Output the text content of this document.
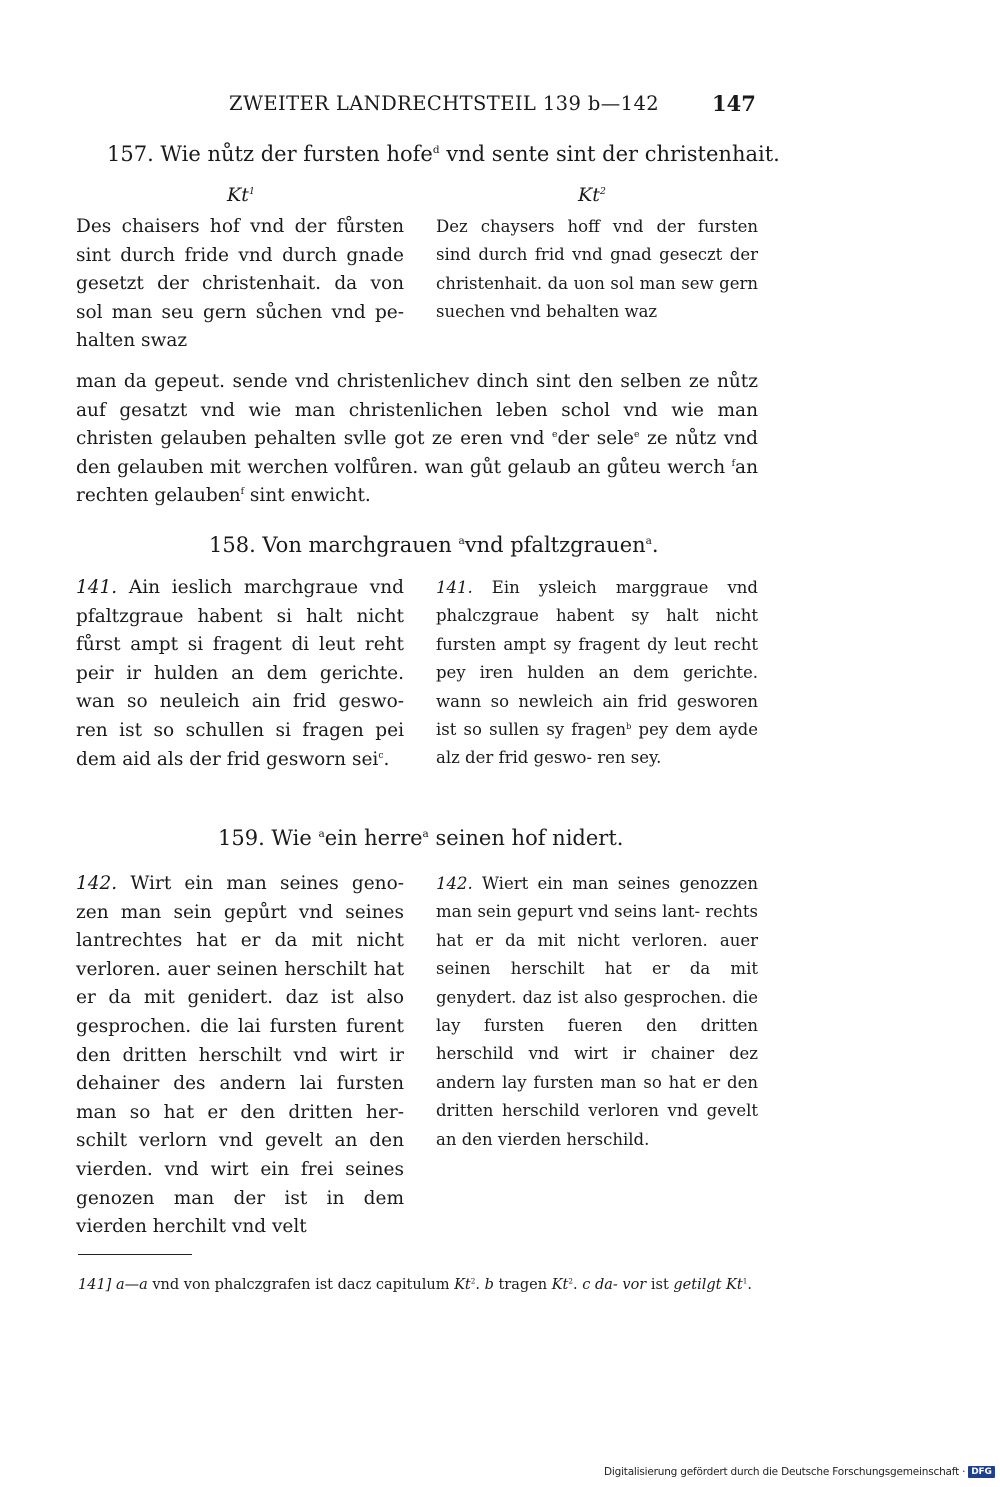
ZWEITER LANDRECHTSTEIL 139 b—142	147
157. Wie nůtz der fursten hofe$^d$ vnd sente sint der christenhait.
Kt$^1$	Kt$^2$

Des chaisers hof vnd der fůrsten sint durch fride vnd durch gnade gesetzt der christenhait. da von sol man seu gern sůchen vnd pe- halten swaz

Dez chaysers hoff vnd der fursten sind durch frid vnd gnad geseczt der christenhait. da uon sol man sew gern suechen vnd behalten waz

man da gepeut. sende vnd christenlichev dinch sint den selben ze nůtz auf gesatzt vnd wie man christenlichen leben schol vnd wie man christen gelauben pehalten svlle got ze eren vnd $^e$der sele$^e$ ze nůtz vnd den gelauben mit werchen volfůren. wan gůt gelaub an gůteu werch $^f$an rechten gelauben$^f$ sint enwicht.

158. Von marchgrauen $^a$vnd pfaltzgrauen$^a$.

141. Ain ieslich marchgraue vnd pfaltzgraue habent si halt nicht fůrst ampt si fragent di leut reht peir ir hulden an dem gerichte. wan so neuleich ain frid geswo- ren ist so schullen si fragen pei dem aid als der frid gesworn sei$^c$.

141. Ein ysleich marggraue vnd phalczgraue habent sy halt nicht fursten ampt sy fragent dy leut recht pey iren hulden an dem gerichte. wann so newleich ain frid gesworen ist so sullen sy fragen$^b$ pey dem ayde alz der frid geswo- ren sey.

159. Wie $^a$ein herre$^a$ seinen hof nidert.

142. Wirt ein man seines geno- zen man sein gepůrt vnd seines lantrechtes hat er da mit nicht verloren. auer seinen herschilt hat er da mit genidert. daz ist also gesprochen. die lai fursten furent den dritten herschilt vnd wirt ir dehainer des andern lai fursten man so hat er den dritten her- schilt verlorn vnd gevelt an den vierden. vnd wirt ein frei seines genozen man der ist in dem vierden herchilt vnd velt

142. Wiert ein man seines genozzen man sein gepurt vnd seins lant- rechts hat er da mit nicht verloren. auer seinen herschilt hat er da mit genydert. daz ist also gesprochen. die lay fursten fueren den dritten herschild vnd wirt ir chainer dez andern lay fursten man so hat er den dritten herschild verloren vnd gevelt an den vierden herschild.

141] a—a vnd von phalczgrafen ist dacz capitulum Kt$^2$. b tragen Kt$^2$. c da- vor ist getilgt Kt$^1$.
Digitalisierung gefördert durch die Deutsche Forschungsgemeinschaft · DFG
